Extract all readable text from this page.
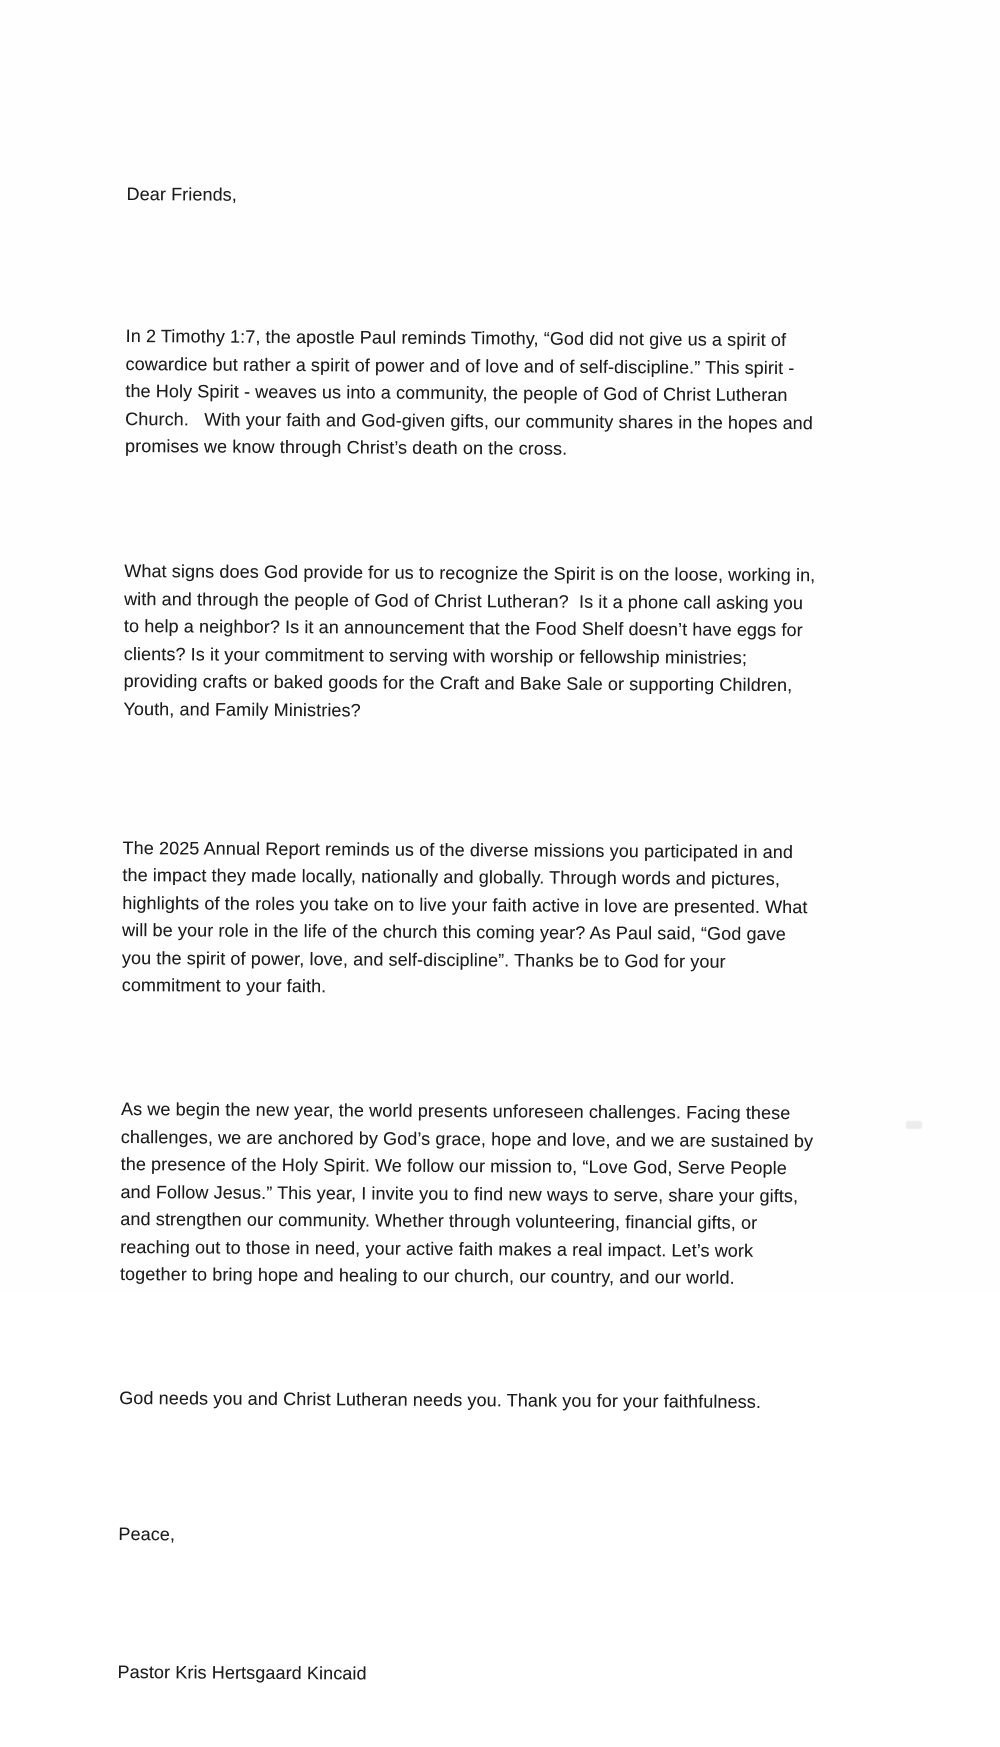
Dear Friends,

In 2 Timothy 1:7, the apostle Paul reminds Timothy, “God did not give us a spirit of
cowardice but rather a spirit of power and of love and of self-discipline.” This spirit -
the Holy Spirit - weaves us into a community, the people of God of Christ Lutheran
Church.   With your faith and God-given gifts, our community shares in the hopes and
promises we know through Christ’s death on the cross.

What signs does God provide for us to recognize the Spirit is on the loose, working in,
with and through the people of God of Christ Lutheran?  Is it a phone call asking you
to help a neighbor? Is it an announcement that the Food Shelf doesn’t have eggs for
clients? Is it your commitment to serving with worship or fellowship ministries;
providing crafts or baked goods for the Craft and Bake Sale or supporting Children,
Youth, and Family Ministries?

The 2025 Annual Report reminds us of the diverse missions you participated in and
the impact they made locally, nationally and globally. Through words and pictures,
highlights of the roles you take on to live your faith active in love are presented. What
will be your role in the life of the church this coming year? As Paul said, “God gave
you the spirit of power, love, and self-discipline”. Thanks be to God for your
commitment to your faith.

As we begin the new year, the world presents unforeseen challenges. Facing these
challenges, we are anchored by God’s grace, hope and love, and we are sustained by
the presence of the Holy Spirit. We follow our mission to, “Love God, Serve People
and Follow Jesus.” This year, I invite you to find new ways to serve, share your gifts,
and strengthen our community. Whether through volunteering, financial gifts, or
reaching out to those in need, your active faith makes a real impact. Let’s work
together to bring hope and healing to our church, our country, and our world.

God needs you and Christ Lutheran needs you. Thank you for your faithfulness.

Peace,

Pastor Kris Hertsgaard Kincaid
